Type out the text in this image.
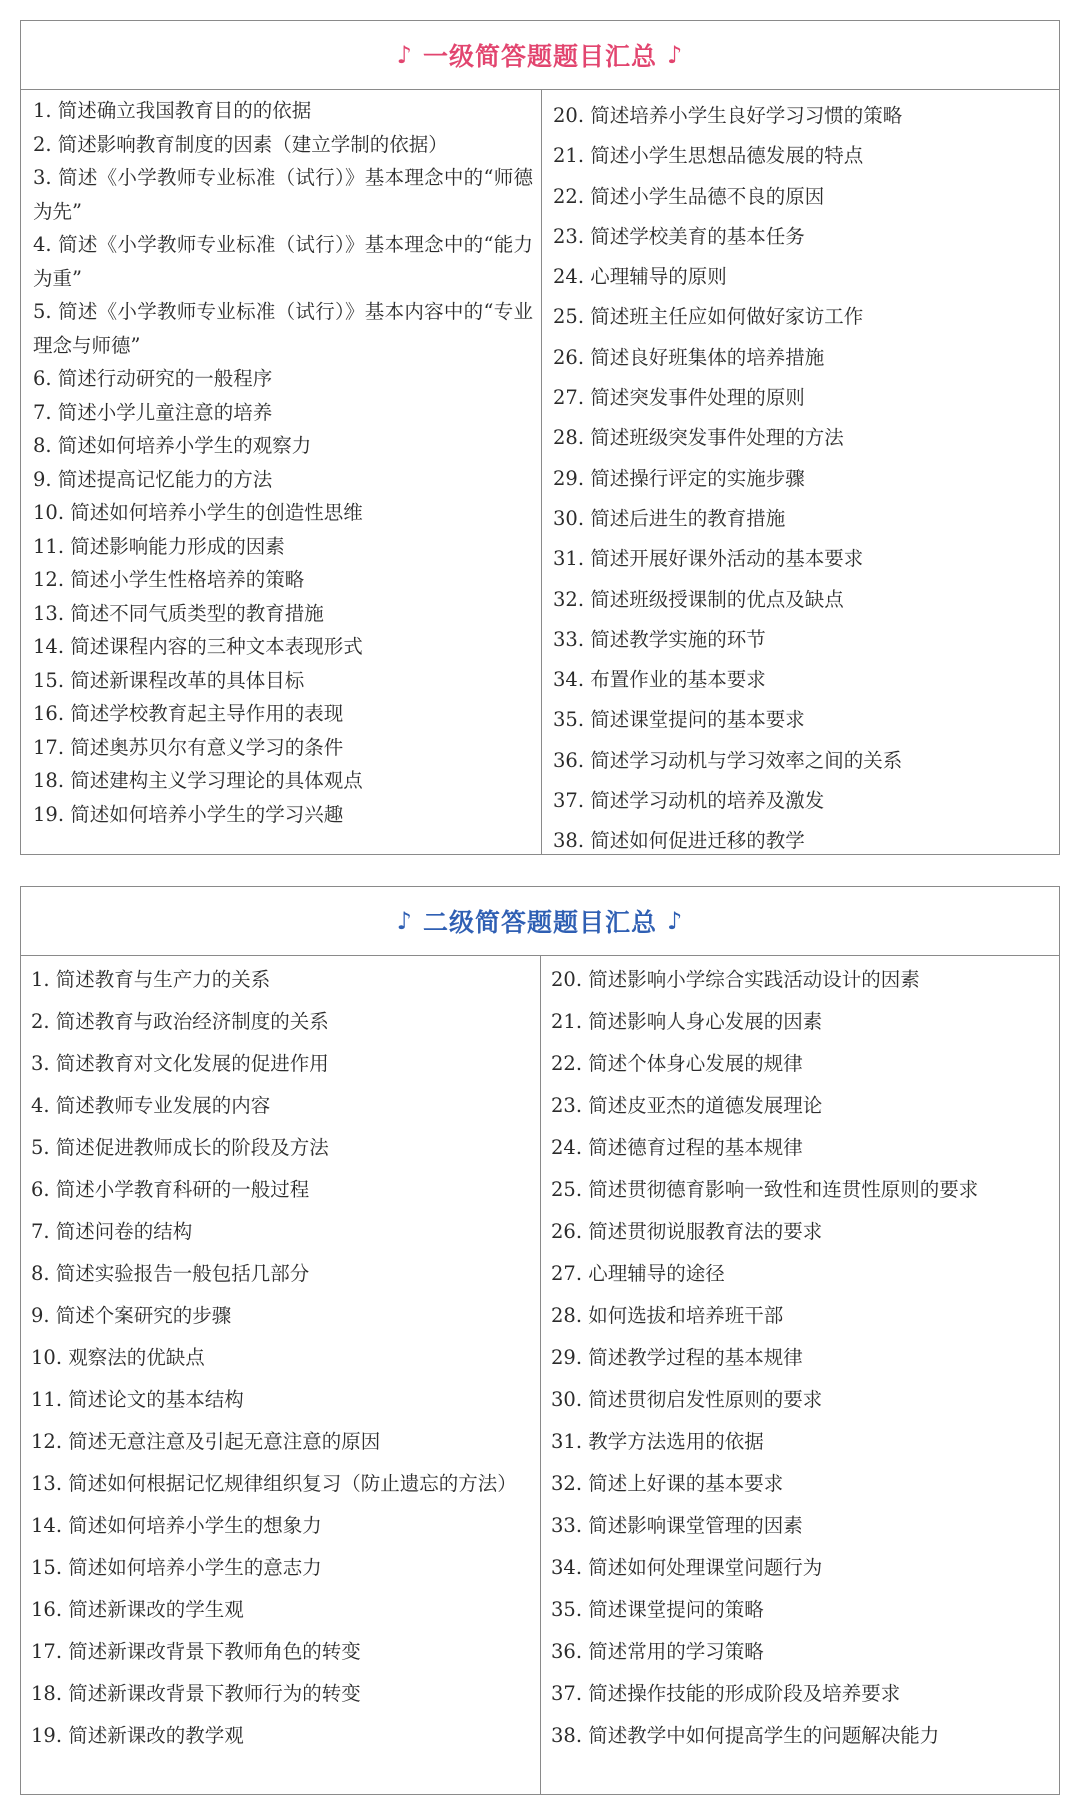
♪ 一级简答题题目汇总 ♪
1. 简述确立我国教育目的的依据
2. 简述影响教育制度的因素（建立学制的依据）
3. 简述《小学教师专业标准（试行）》基本理念中的“师德为先”
4. 简述《小学教师专业标准（试行）》基本理念中的“能力为重”
5. 简述《小学教师专业标准（试行）》基本内容中的“专业理念与师德”
6. 简述行动研究的一般程序
7. 简述小学儿童注意的培养
8. 简述如何培养小学生的观察力
9. 简述提高记忆能力的方法
10. 简述如何培养小学生的创造性思维
11. 简述影响能力形成的因素
12. 简述小学生性格培养的策略
13. 简述不同气质类型的教育措施
14. 简述课程内容的三种文本表现形式
15. 简述新课程改革的具体目标
16. 简述学校教育起主导作用的表现
17. 简述奥苏贝尔有意义学习的条件
18. 简述建构主义学习理论的具体观点
19. 简述如何培养小学生的学习兴趣
20. 简述培养小学生良好学习习惯的策略
21. 简述小学生思想品德发展的特点
22. 简述小学生品德不良的原因
23. 简述学校美育的基本任务
24. 心理辅导的原则
25. 简述班主任应如何做好家访工作
26. 简述良好班集体的培养措施
27. 简述突发事件处理的原则
28. 简述班级突发事件处理的方法
29. 简述操行评定的实施步骤
30. 简述后进生的教育措施
31. 简述开展好课外活动的基本要求
32. 简述班级授课制的优点及缺点
33. 简述教学实施的环节
34. 布置作业的基本要求
35. 简述课堂提问的基本要求
36. 简述学习动机与学习效率之间的关系
37. 简述学习动机的培养及激发
38. 简述如何促进迁移的教学
♪ 二级简答题题目汇总 ♪
1. 简述教育与生产力的关系
2. 简述教育与政治经济制度的关系
3. 简述教育对文化发展的促进作用
4. 简述教师专业发展的内容
5. 简述促进教师成长的阶段及方法
6. 简述小学教育科研的一般过程
7. 简述问卷的结构
8. 简述实验报告一般包括几部分
9. 简述个案研究的步骤
10. 观察法的优缺点
11. 简述论文的基本结构
12. 简述无意注意及引起无意注意的原因
13. 简述如何根据记忆规律组织复习（防止遗忘的方法）
14. 简述如何培养小学生的想象力
15. 简述如何培养小学生的意志力
16. 简述新课改的学生观
17. 简述新课改背景下教师角色的转变
18. 简述新课改背景下教师行为的转变
19. 简述新课改的教学观
20. 简述影响小学综合实践活动设计的因素
21. 简述影响人身心发展的因素
22. 简述个体身心发展的规律
23. 简述皮亚杰的道德发展理论
24. 简述德育过程的基本规律
25. 简述贯彻德育影响一致性和连贯性原则的要求
26. 简述贯彻说服教育法的要求
27. 心理辅导的途径
28. 如何选拔和培养班干部
29. 简述教学过程的基本规律
30. 简述贯彻启发性原则的要求
31. 教学方法选用的依据
32. 简述上好课的基本要求
33. 简述影响课堂管理的因素
34. 简述如何处理课堂问题行为
35. 简述课堂提问的策略
36. 简述常用的学习策略
37. 简述操作技能的形成阶段及培养要求
38. 简述教学中如何提高学生的问题解决能力
